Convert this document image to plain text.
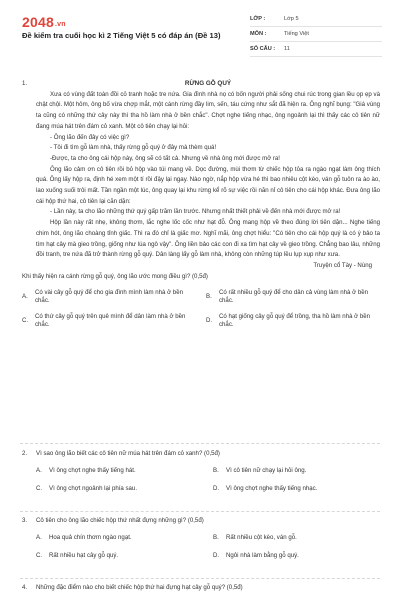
2048.vn
Đề kiểm tra cuối học kì 2 Tiếng Việt 5 có đáp án (Đề 13)
LỚP :	Lớp 5
MÔN :	Tiếng Việt
SỐ CÂU :	11
1.	RỪNG GỖ QUÝ
Xưa có vùng đất toàn đồi cỏ tranh hoặc tre nứa. Gia đình nhà nọ có bốn người phải sống chui rúc trong gian lều ọp ẹp và chật chội. Một hôm, ông bố vừa chợp mắt, một cánh rừng đầy lim, sến, táu cứng như sắt đã hiện ra. Ông nghĩ bụng: "Giá vùng ta cũng có những thứ cây này thì tha hồ làm nhà ở bền chắc". Chợt nghe tiếng nhạc, ông ngoảnh lại thì thấy các cô tiên nữ đang múa hát trên đám cỏ xanh. Một cô tiên chạy lại hỏi:
- Ông lão đến đây có việc gì?
- Tôi đi tìm gỗ làm nhà, thấy rừng gỗ quý ở đây mà thèm quá!
-Được, ta cho ông cái hộp này, ông sẽ có tất cả. Nhưng về nhà ông mới được mở ra!
Ông lão cảm ơn cô tiên rồi bỏ hộp vào túi mang về. Dọc đường, mùi thơm từ chiếc hộp tỏa ra ngào ngạt làm ông thích quá. Ông lấy hộp ra, định hé xem một tí rồi đậy lại ngay. Nào ngờ, nắp hộp vừa hé thì bao nhiêu cột kèo, ván gỗ tuôn ra ào ào, lao xuống suối trôi mất. Tần ngần một lúc, ông quay lại khu rừng kể rõ sự việc rồi năn nỉ cô tiên cho cái hộp khác. Đưa ông lão cái hộp thứ hai, cô tiên lại căn dặn:
- Lần này, ta cho lão những thứ quý gấp trăm lần trước. Nhưng nhất thiết phải về đến nhà mới được mở ra!
Hộp lần này rất nhẹ, không thơm, lắc nghe lốc cốc như hạt đỗ. Ông mang hộp về theo đúng lời tiên dặn... Nghe tiếng chim hót, ông lão choàng tỉnh giấc. Thì ra đó chỉ là giấc mơ. Nghĩ mãi, ông chợt hiểu: "Có tiên cho cái hộp quý là có ý bảo ta tìm hạt cây mà gieo trồng, giống như lúa ngô vậy". Ông liền bảo các con đi xa tìm hạt cây về gieo trồng. Chẳng bao lâu, những đồi tranh, tre nứa đã trở thành rừng gỗ quý. Dân làng lấy gỗ làm nhà, không còn những túp lều lụp xụp như xưa.
Truyện cổ Tày - Nùng
Khi thấy hiện ra cánh rừng gỗ quý, ông lão ước mong điều gì? (0,5đ)
A.
Có vài cây gỗ quý để cho gia đình mình làm nhà ở bền chắc.
B.
Có rất nhiều gỗ quý để cho dân cả vùng làm nhà ở bền chắc.
C.
Có thứ cây gỗ quý trên quê mình để dân làm nhà ở bền chắc.
D.
Có hạt giống cây gỗ quý để trồng, tha hồ làm nhà ở bền chắc.
2. Vì sao ông lão biết các cô tiên nữ múa hát trên đám cỏ xanh? (0,5đ)
A.	Vì ông chợt nghe thấy tiếng hát.	B.	Vì cô tiên nữ chạy lại hỏi ông.
C.	Vì ông chợt ngoảnh lại phía sau.	D.	Vì ông chợt nghe thấy tiếng nhạc.
3. Cô tiên cho ông lão chiếc hộp thứ nhất đựng những gì? (0,5đ)
A.	Hoa quả chín thơm ngào ngạt.	B.	Rất nhiều cột kèo, ván gỗ.
C.	Rất nhiều hạt cây gỗ quý.	D.	Ngôi nhà làm bằng gỗ quý.
4. Những đặc điểm nào cho biết chiếc hộp thứ hai đựng hạt cây gỗ quý? (0,5đ)
